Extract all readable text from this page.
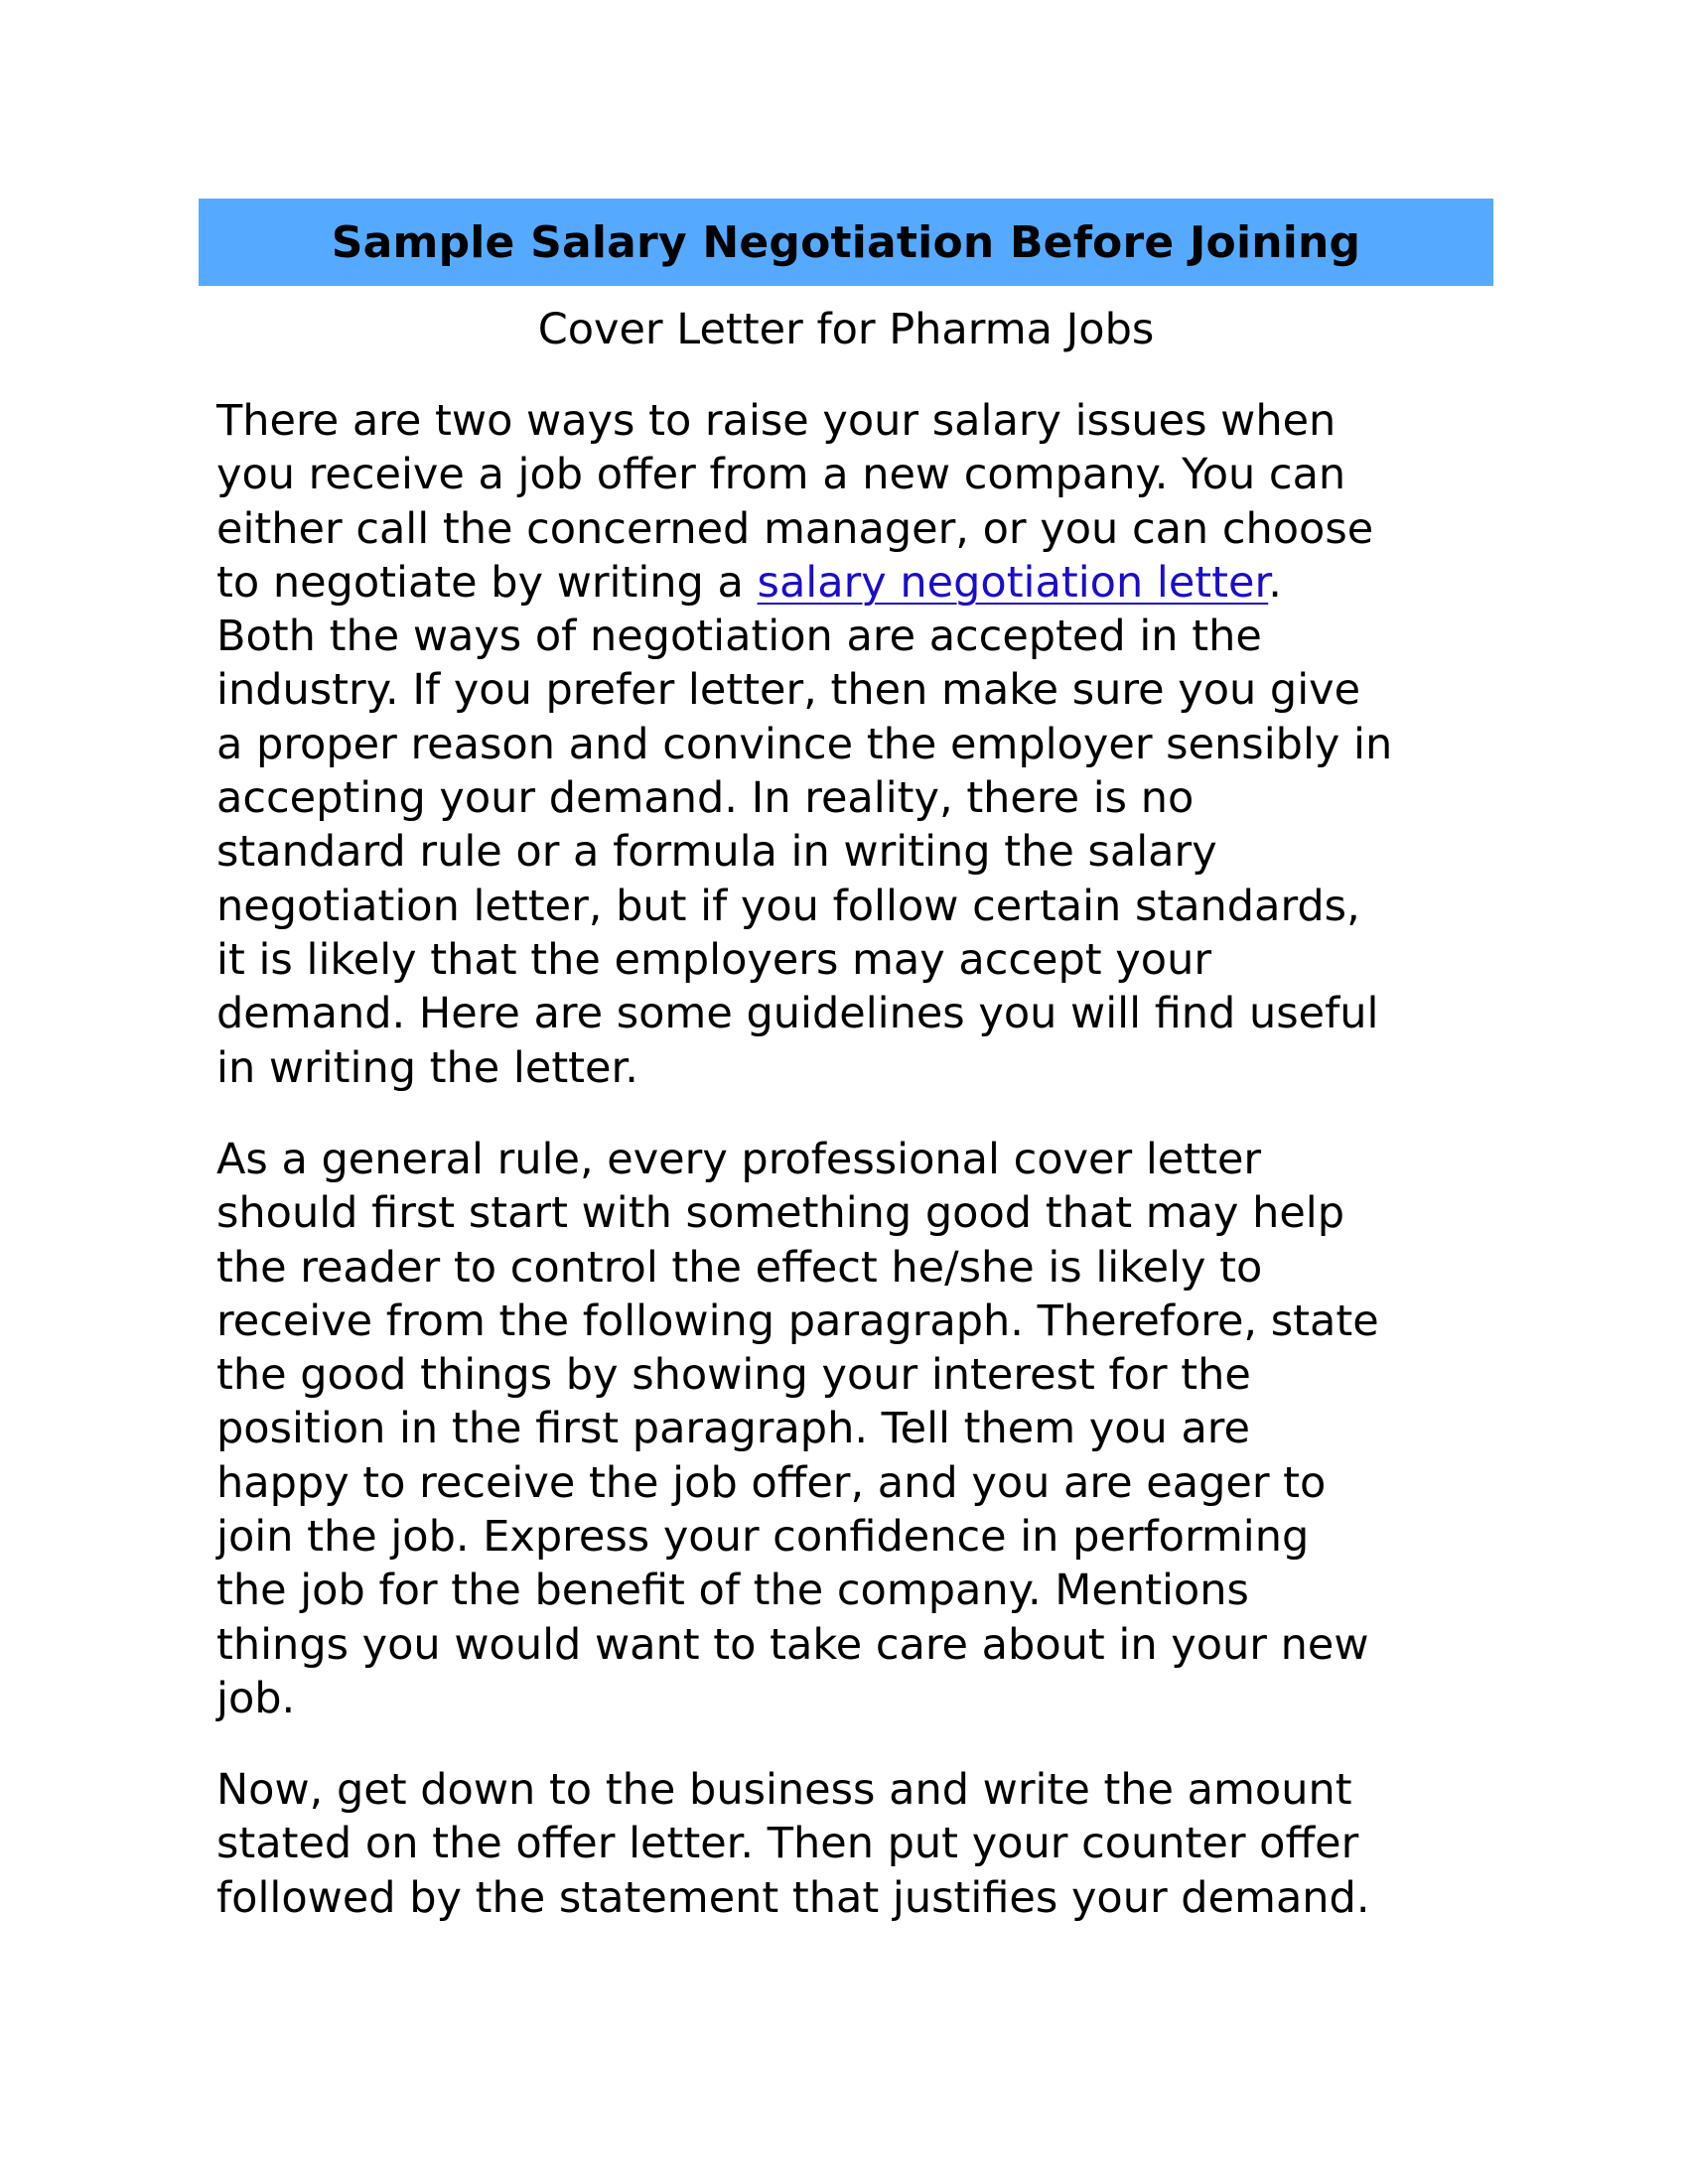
Sample Salary Negotiation Before Joining
Cover Letter for Pharma Jobs
There are two ways to raise your salary issues when
you receive a job offer from a new company. You can
either call the concerned manager, or you can choose
to negotiate by writing a salary negotiation letter.
Both the ways of negotiation are accepted in the
industry. If you prefer letter, then make sure you give
a proper reason and convince the employer sensibly in
accepting your demand. In reality, there is no
standard rule or a formula in writing the salary
negotiation letter, but if you follow certain standards,
it is likely that the employers may accept your
demand. Here are some guidelines you will find useful
in writing the letter.
As a general rule, every professional cover letter
should first start with something good that may help
the reader to control the effect he/she is likely to
receive from the following paragraph. Therefore, state
the good things by showing your interest for the
position in the first paragraph. Tell them you are
happy to receive the job offer, and you are eager to
join the job. Express your confidence in performing
the job for the benefit of the company. Mentions
things you would want to take care about in your new
job.
Now, get down to the business and write the amount
stated on the offer letter. Then put your counter offer
followed by the statement that justifies your demand.
